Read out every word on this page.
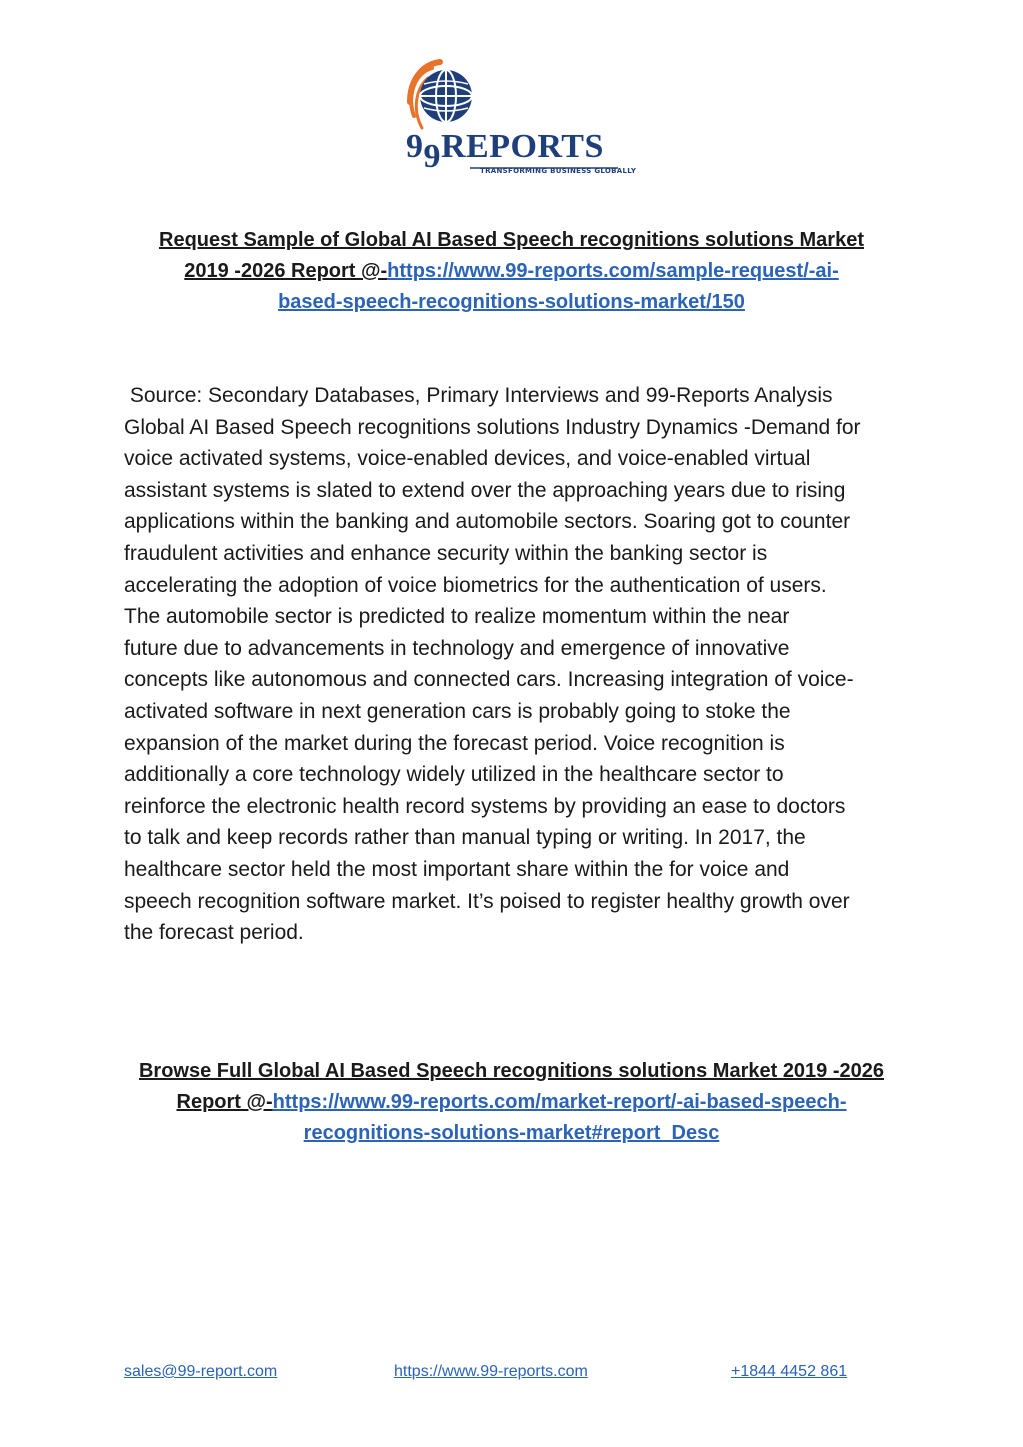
99REPORTS
TRANSFORMING BUSINESS GLOBALLY
Request Sample of Global AI Based Speech recognitions solutions Market
2019 -2026 Report @-https://www.99-reports.com/sample-request/-ai-
based-speech-recognitions-solutions-market/150

Source: Secondary Databases, Primary Interviews and 99-Reports Analysis

Global AI Based Speech recognitions solutions Industry Dynamics -Demand for

voice activated systems, voice-enabled devices, and voice-enabled virtual

assistant systems is slated to extend over the approaching years due to rising

applications within the banking and automobile sectors. Soaring got to counter

fraudulent activities and enhance security within the banking sector is

accelerating the adoption of voice biometrics for the authentication of users.

The automobile sector is predicted to realize momentum within the near

future due to advancements in technology and emergence of innovative

concepts like autonomous and connected cars. Increasing integration of voice-

activated software in next generation cars is probably going to stoke the

expansion of the market during the forecast period. Voice recognition is

additionally a core technology widely utilized in the healthcare sector to

reinforce the electronic health record systems by providing an ease to doctors

to talk and keep records rather than manual typing or writing. In 2017, the

healthcare sector held the most important share within the for voice and

speech recognition software market. It’s poised to register healthy growth over

the forecast period.

Browse Full Global AI Based Speech recognitions solutions Market 2019 -2026
Report @-https://www.99-reports.com/market-report/-ai-based-speech-
recognitions-solutions-market#report_Desc
sales@99-report.com	https://www.99-reports.com	+1844 4452 861
